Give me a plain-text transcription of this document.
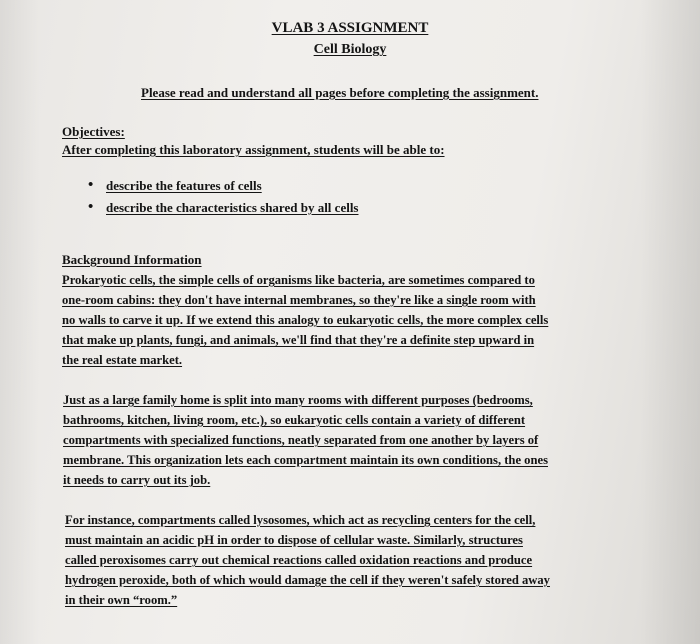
VLAB 3 ASSIGNMENT
Cell Biology
Please read and understand all pages before completing the assignment.
Objectives:
After completing this laboratory assignment, students will be able to:
• describe the features of cells
• describe the characteristics shared by all cells
Background Information
Prokaryotic cells, the simple cells of organisms like bacteria, are sometimes compared to
one-room cabins: they don't have internal membranes, so they're like a single room with
no walls to carve it up. If we extend this analogy to eukaryotic cells, the more complex cells
that make up plants, fungi, and animals, we'll find that they're a definite step upward in
the real estate market.
Just as a large family home is split into many rooms with different purposes (bedrooms,
bathrooms, kitchen, living room, etc.), so eukaryotic cells contain a variety of different
compartments with specialized functions, neatly separated from one another by layers of
membrane. This organization lets each compartment maintain its own conditions, the ones
it needs to carry out its job.
For instance, compartments called lysosomes, which act as recycling centers for the cell,
must maintain an acidic pH in order to dispose of cellular waste. Similarly, structures
called peroxisomes carry out chemical reactions called oxidation reactions and produce
hydrogen peroxide, both of which would damage the cell if they weren't safely stored away
in their own “room.”
